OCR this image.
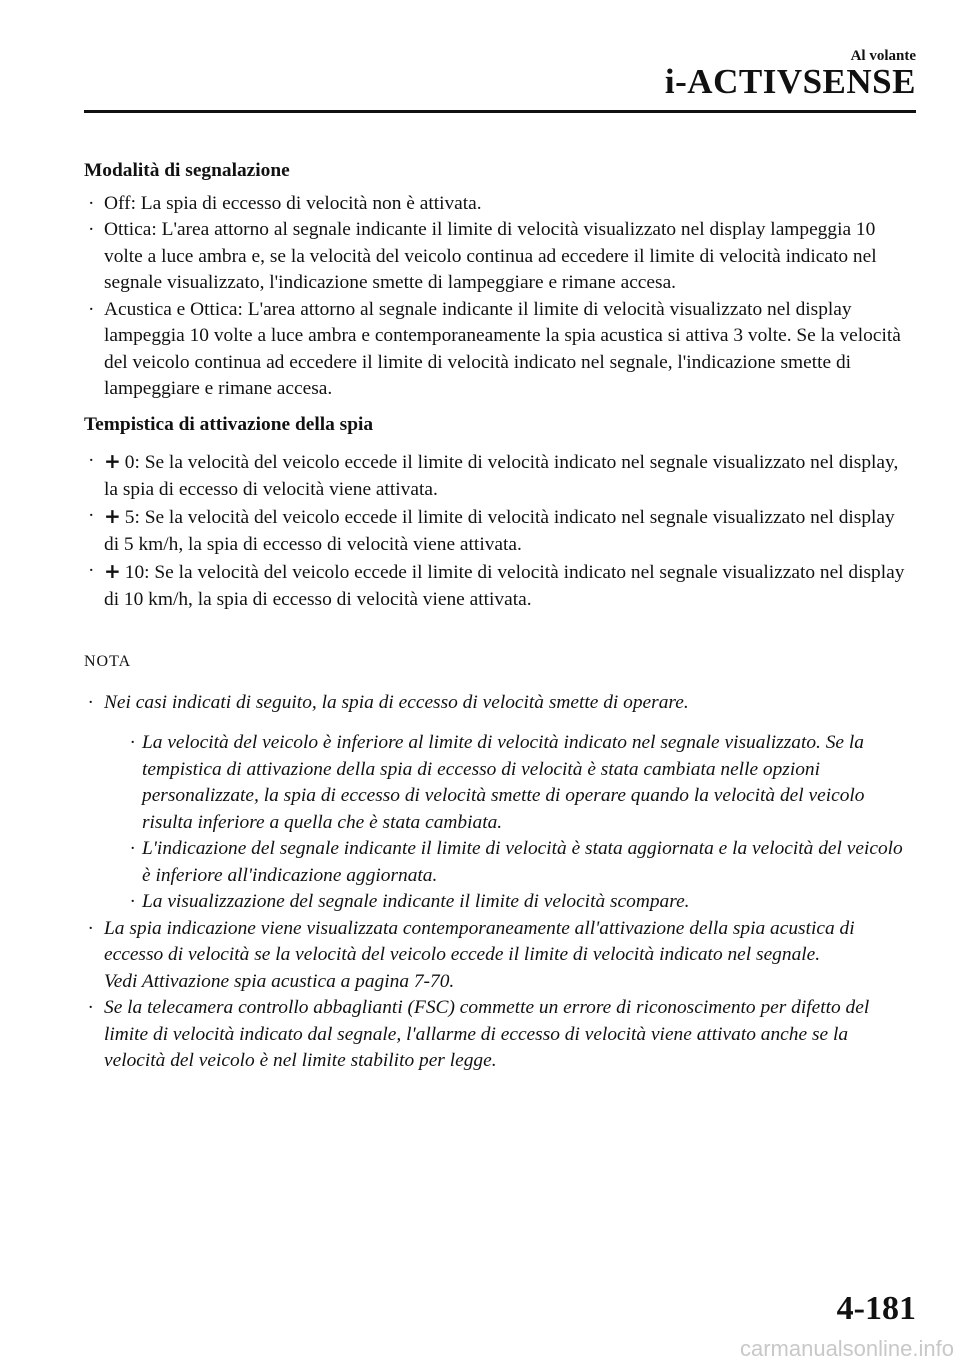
Al volante
i-ACTIVSENSE

Modalità di segnalazione

· Off: La spia di eccesso di velocità non è attivata.
· Ottica: L'area attorno al segnale indicante il limite di velocità visualizzato nel display lampeggia 10 volte a luce ambra e, se la velocità del veicolo continua ad eccedere il limite di velocità indicato nel segnale visualizzato, l'indicazione smette di lampeggiare e rimane accesa.
· Acustica e Ottica: L'area attorno al segnale indicante il limite di velocità visualizzato nel display lampeggia 10 volte a luce ambra e contemporaneamente la spia acustica si attiva 3 volte. Se la velocità del veicolo continua ad eccedere il limite di velocità indicato nel segnale, l'indicazione smette di lampeggiare e rimane accesa.

Tempistica di attivazione della spia

· + 0: Se la velocità del veicolo eccede il limite di velocità indicato nel segnale visualizzato nel display, la spia di eccesso di velocità viene attivata.
· + 5: Se la velocità del veicolo eccede il limite di velocità indicato nel segnale visualizzato nel display di 5 km/h, la spia di eccesso di velocità viene attivata.
· + 10: Se la velocità del veicolo eccede il limite di velocità indicato nel segnale visualizzato nel display di 10 km/h, la spia di eccesso di velocità viene attivata.
NOTA
· Nei casi indicati di seguito, la spia di eccesso di velocità smette di operare.
· La velocità del veicolo è inferiore al limite di velocità indicato nel segnale visualizzato. Se la tempistica di attivazione della spia di eccesso di velocità è stata cambiata nelle opzioni personalizzate, la spia di eccesso di velocità smette di operare quando la velocità del veicolo risulta inferiore a quella che è stata cambiata.
· L'indicazione del segnale indicante il limite di velocità è stata aggiornata e la velocità del veicolo è inferiore all'indicazione aggiornata.
· La visualizzazione del segnale indicante il limite di velocità scompare.
· La spia indicazione viene visualizzata contemporaneamente all'attivazione della spia acustica di eccesso di velocità se la velocità del veicolo eccede il limite di velocità indicato nel segnale.
Vedi Attivazione spia acustica a pagina 7-70.
· Se la telecamera controllo abbaglianti (FSC) commette un errore di riconoscimento per difetto del limite di velocità indicato dal segnale, l'allarme di eccesso di velocità viene attivato anche se la velocità del veicolo è nel limite stabilito per legge.
4-181
carmanualsonline.info
